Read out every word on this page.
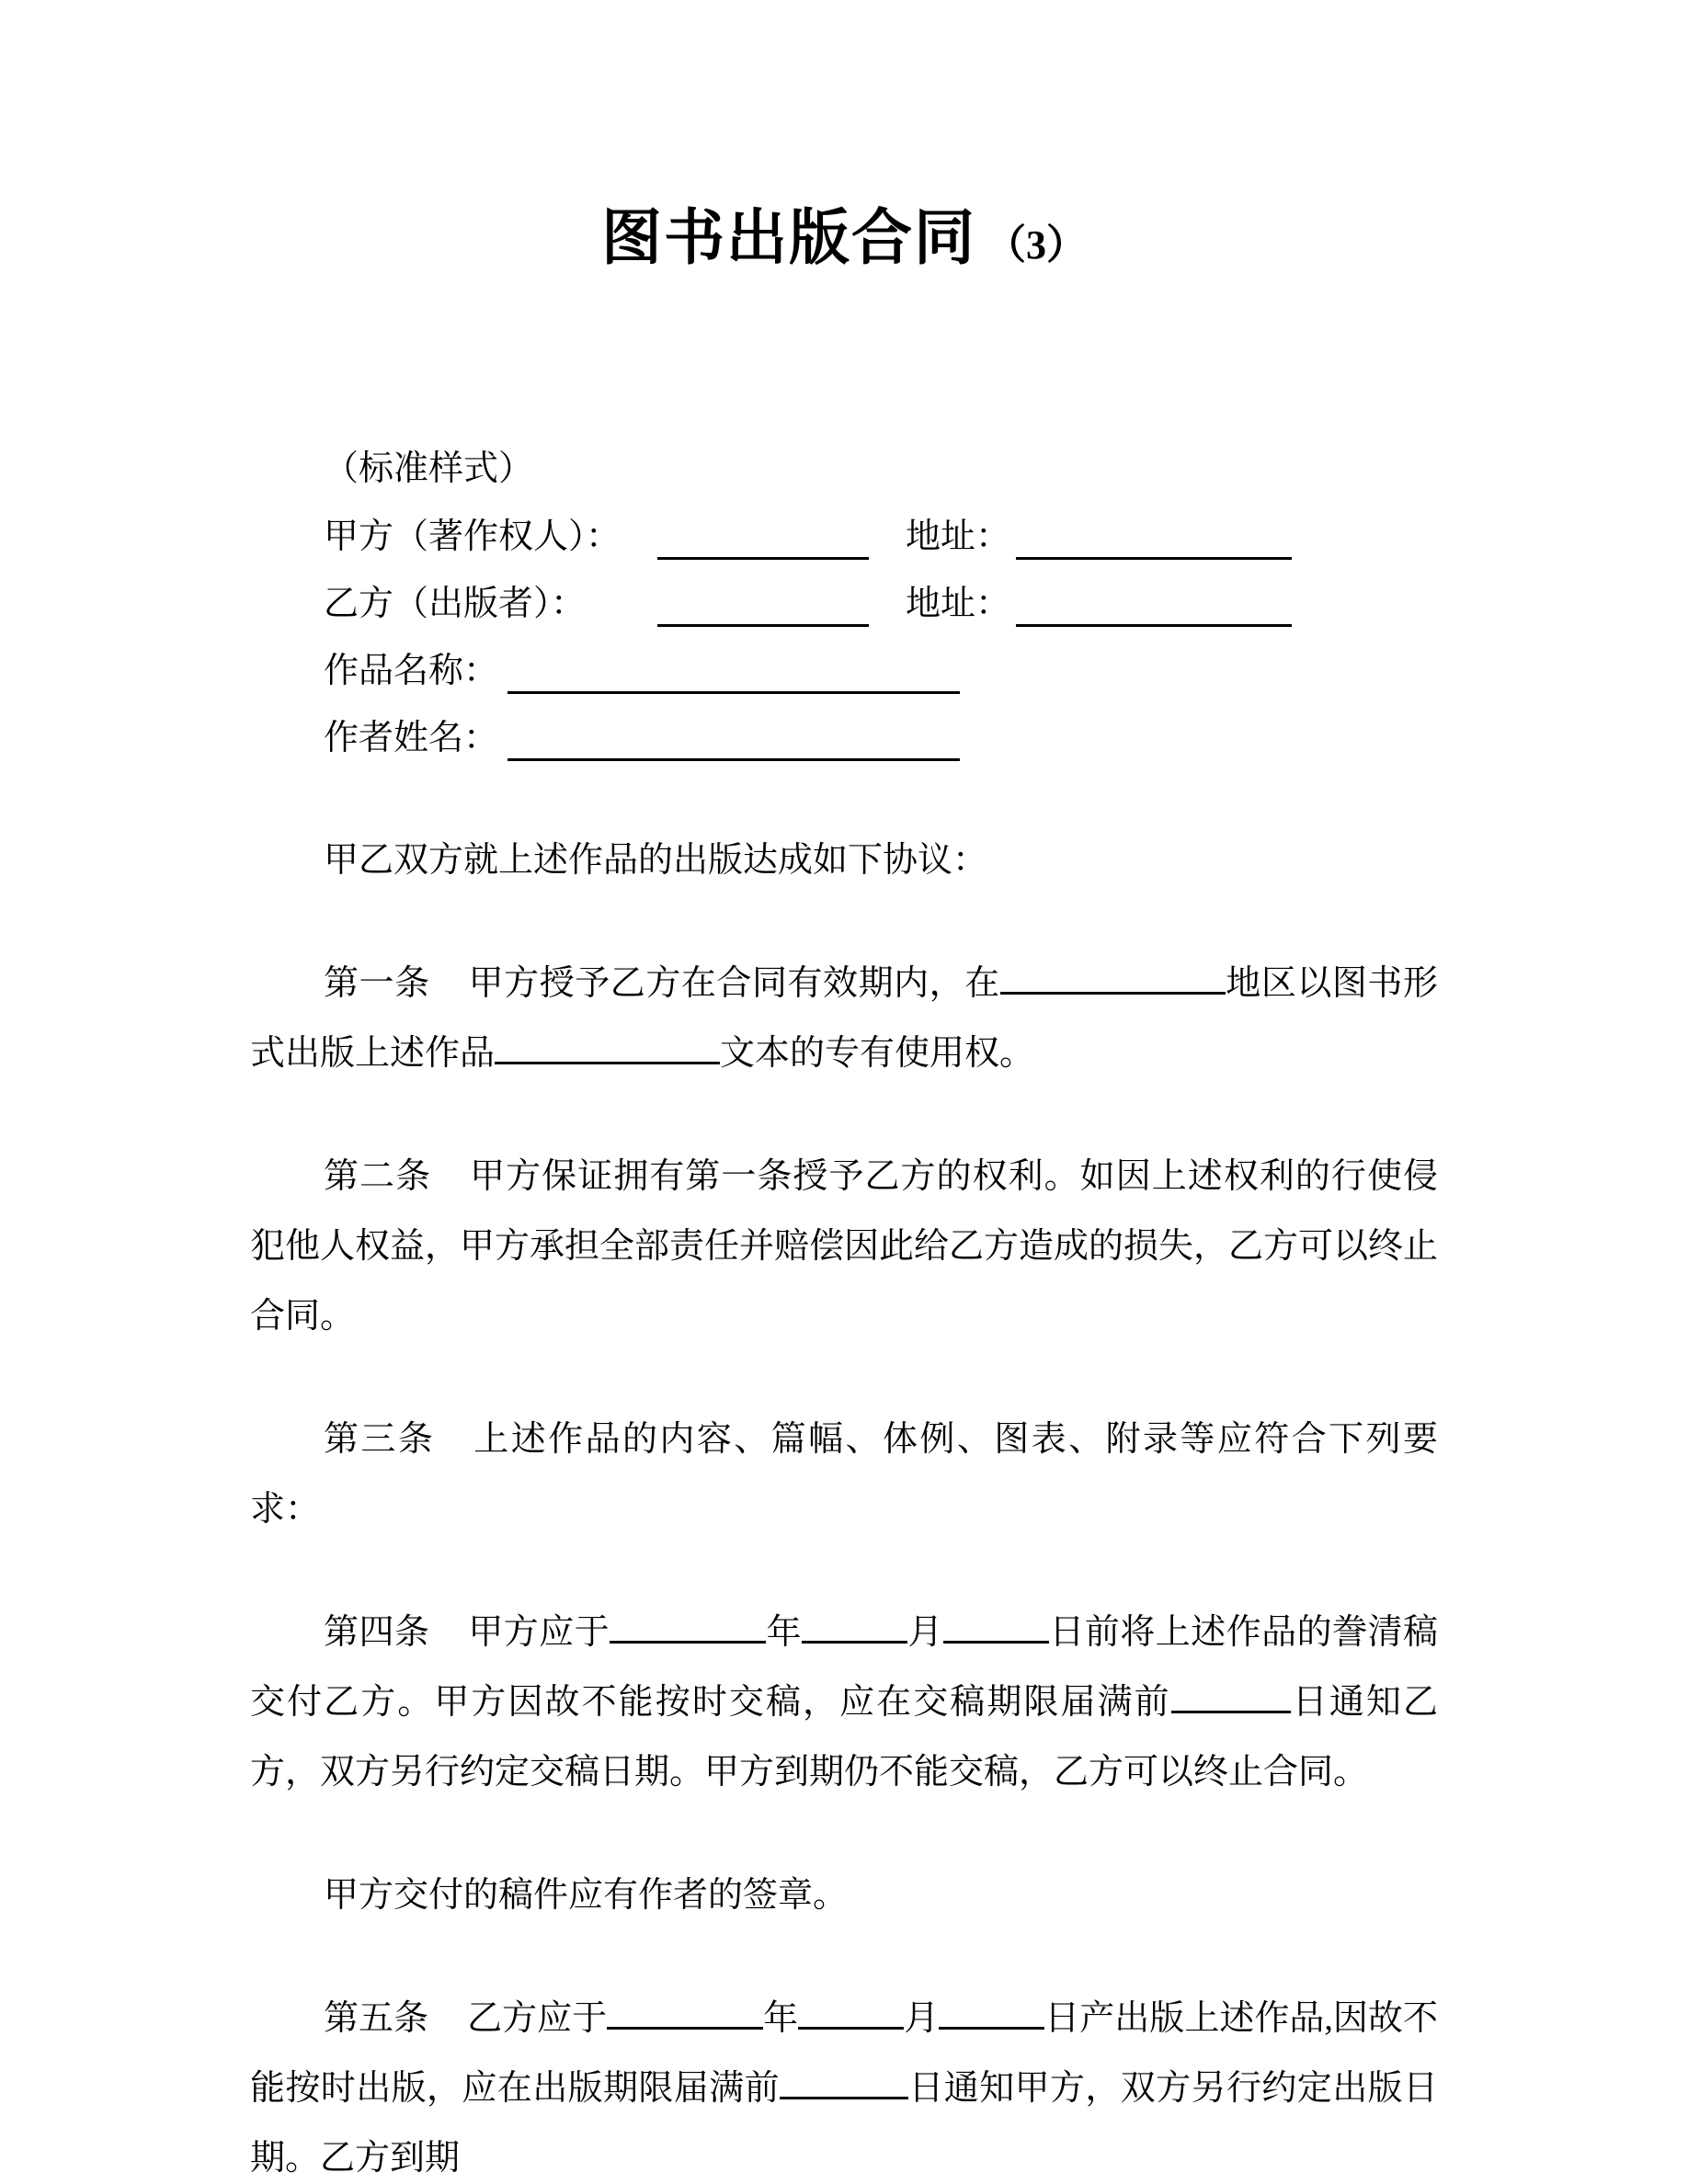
图书出版合同 （3）

（标准样式）

甲方（著作权人）：	地址：
乙方（出版者）：	地址：
作品名称：
作者姓名：

甲乙双方就上述作品的出版达成如下协议：

第一条 甲方授予乙方在合同有效期内，在	地区以图书形式出版上述作品	文本的专有使用权。

第二条 甲方保证拥有第一条授予乙方的权利。如因上述权利的行使侵犯他人权益，甲方承担全部责任并赔偿因此给乙方造成的损失，乙方可以终止合同。

第三条 上述作品的内容、篇幅、体例、图表、附录等应符合下列要求：

第四条 甲方应于	年	月	日前将上述作品的誊清稿交付乙方。甲方因故不能按时交稿，应在交稿期限届满前	日通知乙方，双方另行约定交稿日期。甲方到期仍不能交稿，乙方可以终止合同。

甲方交付的稿件应有作者的签章。

第五条 乙方应于	年	月	日产出版上述作品,因故不能按时出版，应在出版期限届满前	日通知甲方，双方另行约定出版日期。乙方到期
